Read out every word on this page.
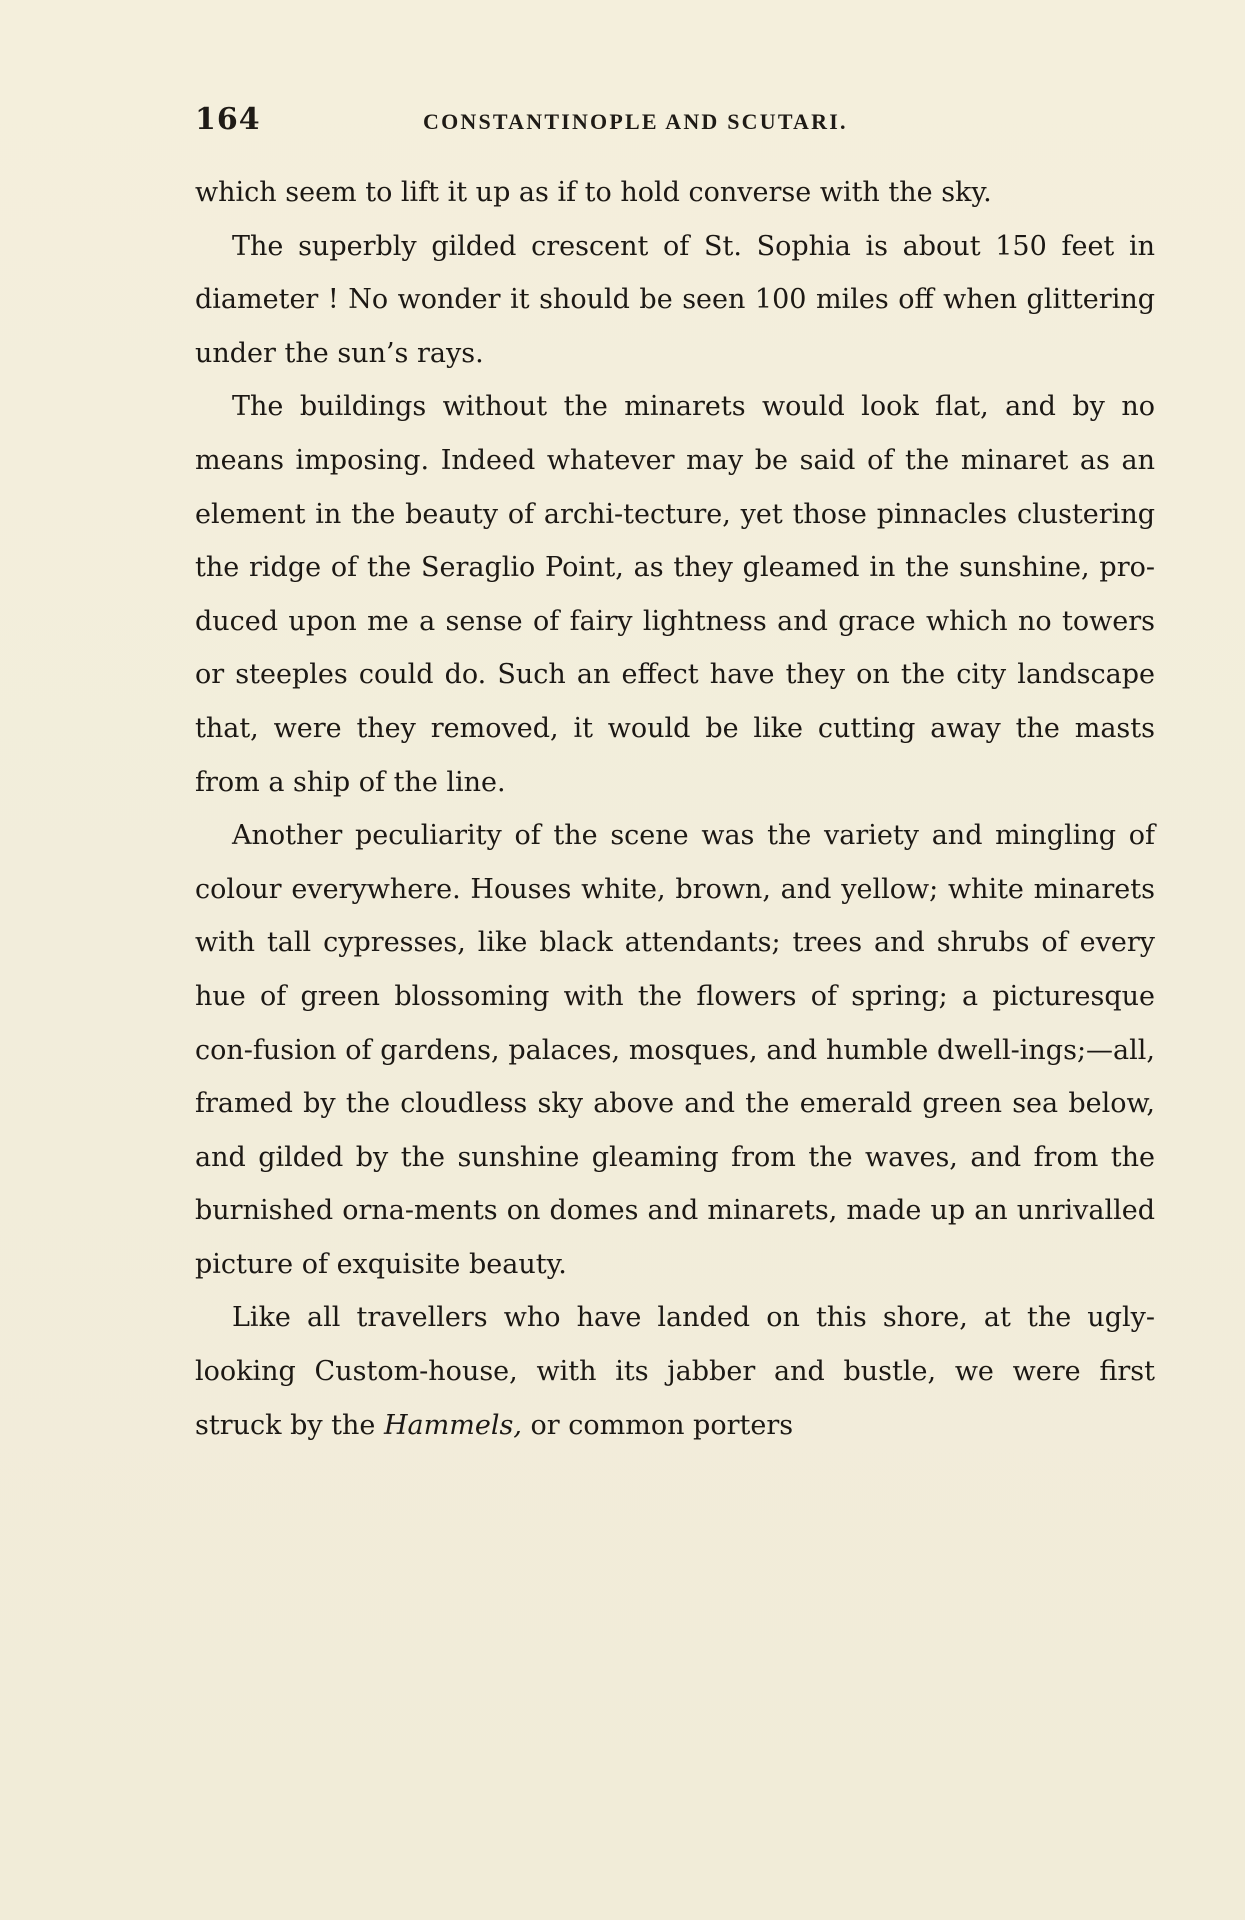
164	CONSTANTINOPLE AND SCUTARI.

which seem to lift it up as if to hold converse with the sky.

The superbly gilded crescent of St. Sophia is about 150 feet in diameter ! No wonder it should be seen 100 miles off when glittering under the sun’s rays.

The buildings without the minarets would look flat, and by no means imposing. Indeed whatever may be said of the minaret as an element in the beauty of archi-tecture, yet those pinnacles clustering the ridge of the Seraglio Point, as they gleamed in the sunshine, pro-duced upon me a sense of fairy lightness and grace which no towers or steeples could do. Such an effect have they on the city landscape that, were they removed, it would be like cutting away the masts from a ship of the line.

Another peculiarity of the scene was the variety and mingling of colour everywhere. Houses white, brown, and yellow; white minarets with tall cypresses, like black attendants; trees and shrubs of every hue of green blossoming with the flowers of spring; a picturesque con-fusion of gardens, palaces, mosques, and humble dwell-ings;—all, framed by the cloudless sky above and the emerald green sea below, and gilded by the sunshine gleaming from the waves, and from the burnished orna-ments on domes and minarets, made up an unrivalled picture of exquisite beauty.

Like all travellers who have landed on this shore, at the ugly-looking Custom-house, with its jabber and bustle, we were first struck by the Hammels, or common porters
